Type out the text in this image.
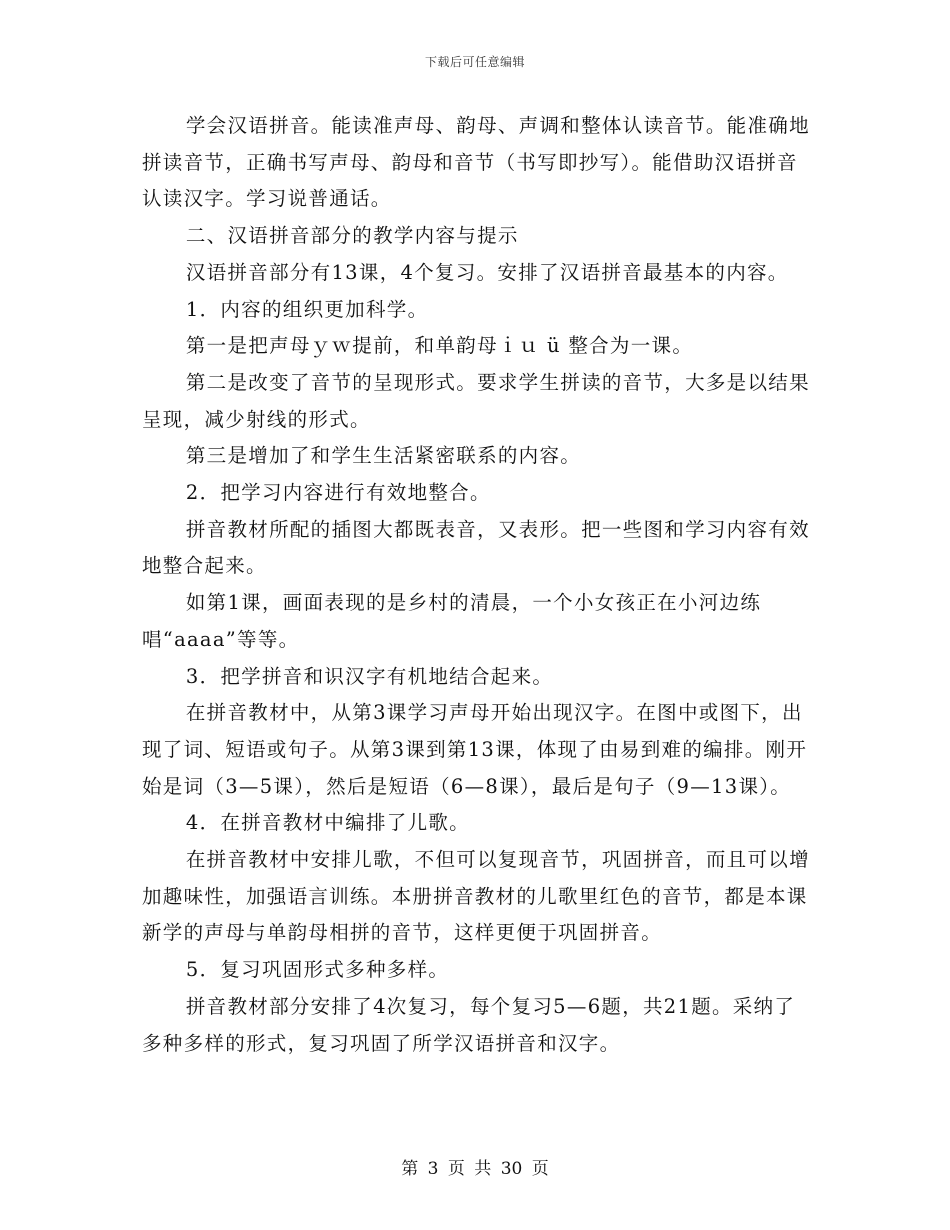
下载后可任意编辑

学会汉语拼音。能读准声母、韵母、声调和整体认读音节。能准确地拼读音节，正确书写声母、韵母和音节（书写即抄写）。能借助汉语拼音认读汉字。学习说普通话。

二、汉语拼音部分的教学内容与提示

汉语拼音部分有13课，4个复习。安排了汉语拼音最基本的内容。

1．内容的组织更加科学。

第一是把声母ｙｗ提前，和单韵母ｉｕ ü 整合为一课。

第二是改变了音节的呈现形式。要求学生拼读的音节，大多是以结果呈现，减少射线的形式。

第三是增加了和学生生活紧密联系的内容。

2．把学习内容进行有效地整合。

拼音教材所配的插图大都既表音，又表形。把一些图和学习内容有效地整合起来。

如第1课，画面表现的是乡村的清晨，一个小女孩正在小河边练唱“aaaa”等等。

3．把学拼音和识汉字有机地结合起来。

在拼音教材中，从第3课学习声母开始出现汉字。在图中或图下，出现了词、短语或句子。从第3课到第13课，体现了由易到难的编排。刚开始是词（3—5课），然后是短语（6—8课），最后是句子（9—13课）。

4．在拼音教材中编排了儿歌。

在拼音教材中安排儿歌，不但可以复现音节，巩固拼音，而且可以增加趣味性，加强语言训练。本册拼音教材的儿歌里红色的音节，都是本课新学的声母与单韵母相拼的音节，这样更便于巩固拼音。

5．复习巩固形式多种多样。

拼音教材部分安排了4次复习，每个复习5—6题，共21题。采纳了多种多样的形式，复习巩固了所学汉语拼音和汉字。

第 3 页 共 30 页
